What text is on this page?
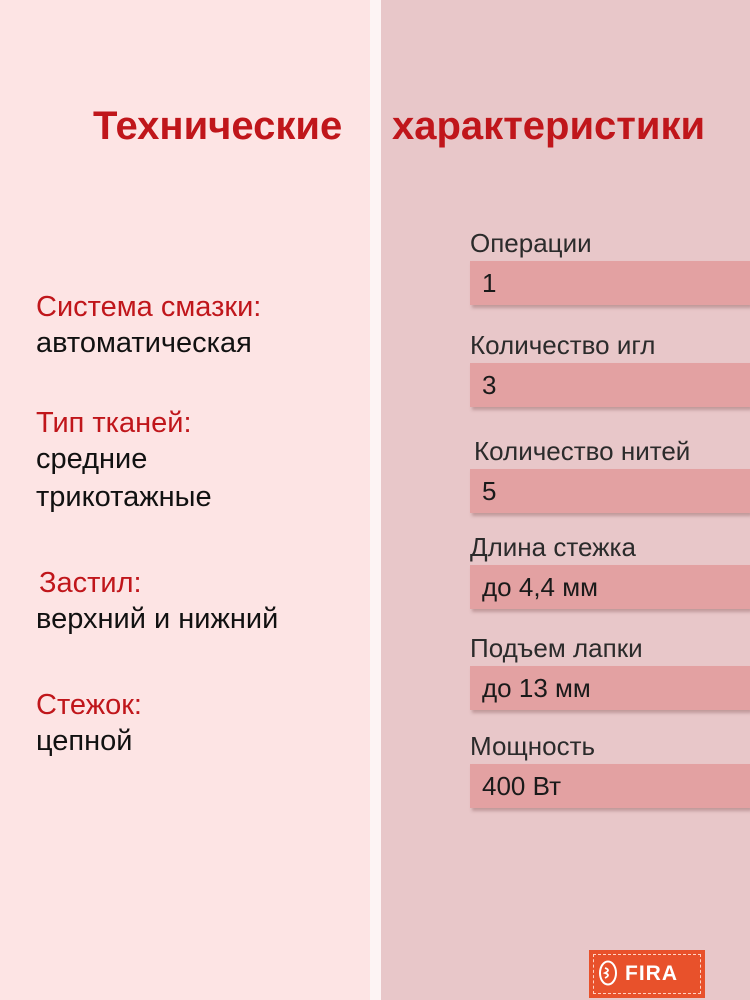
Технические характеристики
Система смазки:
автоматическая
Тип тканей:
средние трикотажные
Застил:
верхний и нижний
Стежок:
цепной
Операции
1
Количество игл
3
Количество нитей
5
Длина стежка
до 4,4 мм
Подъем лапки
до 13 мм
Мощность
400 Вт
FIRA
